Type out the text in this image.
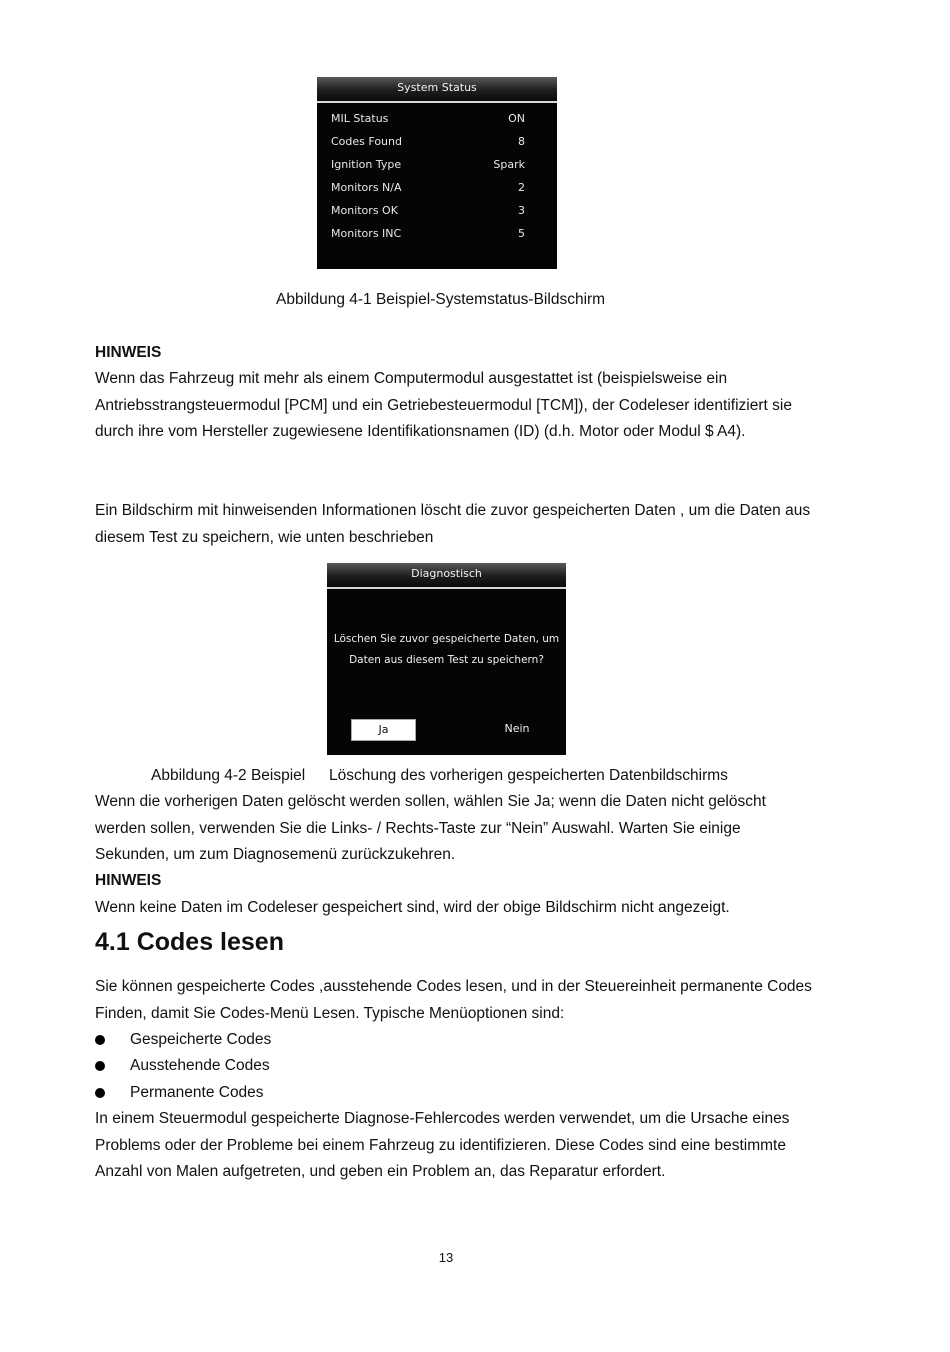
System Status
MIL Status	ON
Codes Found	8
Ignition Type	Spark
Monitors N/A	2
Monitors OK	3
Monitors INC	5
Abbildung 4-1 Beispiel-Systemstatus-Bildschirm

HINWEIS

Wenn das Fahrzeug mit mehr als einem Computermodul ausgestattet ist (beispielsweise ein Antriebsstrangsteuermodul [PCM] und ein Getriebesteuermodul [TCM]), der Codeleser identifiziert sie durch ihre vom Hersteller zugewiesene Identifikationsnamen (ID) (d.h. Motor oder Modul $ A4).

Ein Bildschirm mit hinweisenden Informationen löscht die zuvor gespeicherten Daten , um die Daten aus diesem Test zu speichern, wie unten beschrieben

Diagnostisch
Löschen Sie zuvor gespeicherte Daten, um
Daten aus diesem Test zu speichern?
Ja	Nein
Abbildung 4-2 Beispiel Löschung des vorherigen gespeicherten Datenbildschirms

Wenn die vorherigen Daten gelöscht werden sollen, wählen Sie Ja; wenn die Daten nicht gelöscht werden sollen, verwenden Sie die Links- / Rechts-Taste zur “Nein” Auswahl. Warten Sie einige Sekunden, um zum Diagnosemenü zurückzukehren.

HINWEIS

Wenn keine Daten im Codeleser gespeichert sind, wird der obige Bildschirm nicht angezeigt.

4.1 Codes lesen

Sie können gespeicherte Codes ,ausstehende Codes lesen, und in der Steuereinheit permanente Codes Finden, damit Sie Codes-Menü Lesen. Typische Menüoptionen sind:

Gespeicherte Codes
Ausstehende Codes
Permanente Codes

In einem Steuermodul gespeicherte Diagnose-Fehlercodes werden verwendet, um die Ursache eines Problems oder der Probleme bei einem Fahrzeug zu identifizieren. Diese Codes sind eine bestimmte Anzahl von Malen aufgetreten, und geben ein Problem an, das Reparatur erfordert.

13
